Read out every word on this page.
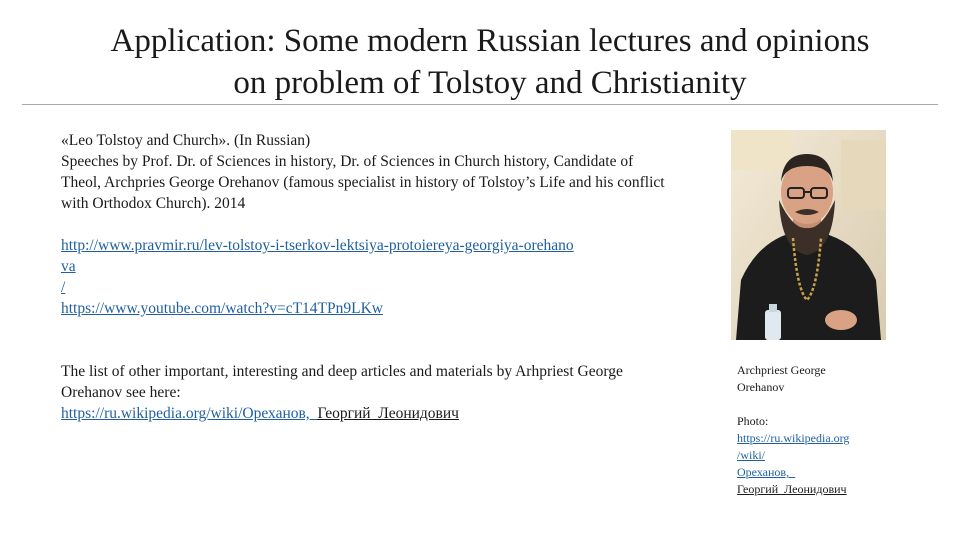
Application: Some modern Russian lectures and opinions
on problem of Tolstoy and Christianity

«Leo Tolstoy and Church». (In Russian)

Speeches by Prof. Dr. of Sciences in history, Dr. of Sciences in Church history, Candidate of Theol, Archpries George Orehanov (famous specialist in history of Tolstoy’s Life and his conflict with Orthodox Church). 2014

http://www.pravmir.ru/lev-tolstoy-i-tserkov-lektsiya-protoiereya-georgiya-orehano
va
/

https://www.youtube.com/watch?v=cT14TPn9LKw

The list of other important, interesting and deep articles and materials by Arhpriest George Orehanov see here:

https://ru.wikipedia.org/wiki/Ореханов,_Георгий_Леонидович

Archpriest George

Orehanov

Photo:

https://ru.wikipedia.org
/wiki/
Ореханов,_
Георгий_Леонидович
